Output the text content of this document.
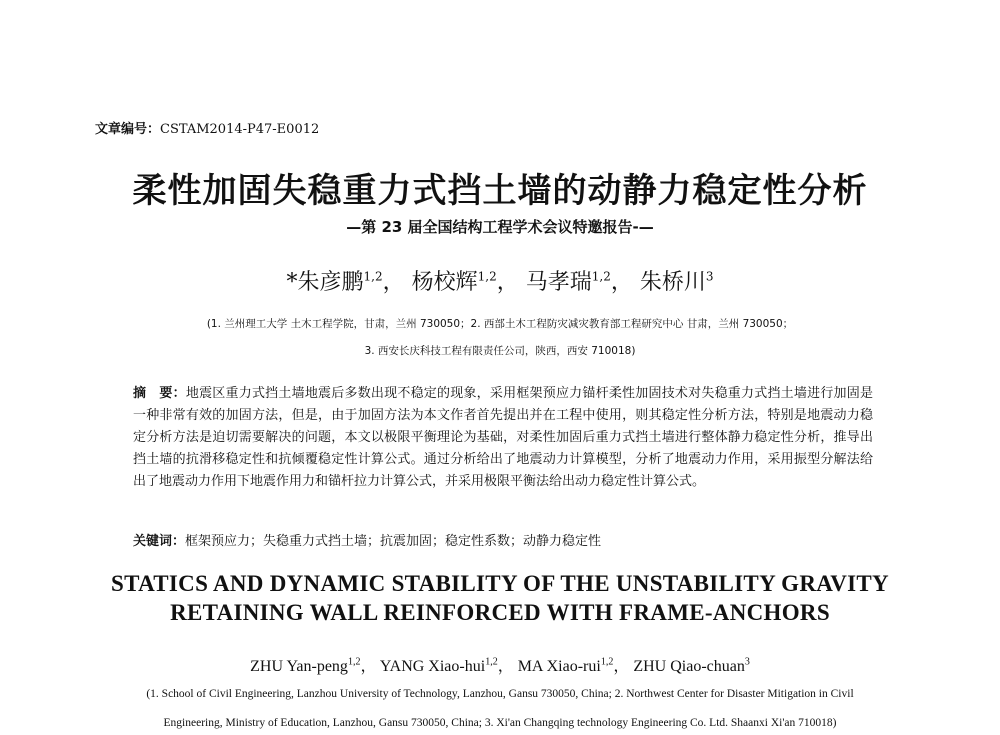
文章编号：CSTAM2014-P47-E0012
柔性加固失稳重力式挡土墙的动静力稳定性分析
—第 23 届全国结构工程学术会议特邀报告-—
*朱彦鹏$^{1,2}$， 杨校辉$^{1,2}$， 马孝瑞$^{1,2}$， 朱桥川$^3$
(1. 兰州理工大学 土木工程学院，甘肃，兰州 730050；2. 西部土木工程防灾减灾教育部工程研究中心 甘肃，兰州 730050；
3. 西安长庆科技工程有限责任公司，陕西，西安 710018)
摘　要：地震区重力式挡土墙地震后多数出现不稳定的现象，采用框架预应力锚杆柔性加固技术对失稳重力式挡土墙进行加固是一种非常有效的加固方法，但是，由于加固方法为本文作者首先提出并在工程中使用，则其稳定性分析方法，特别是地震动力稳定分析方法是迫切需要解决的问题，本文以极限平衡理论为基础，对柔性加固后重力式挡土墙进行整体静力稳定性分析，推导出挡土墙的抗滑移稳定性和抗倾覆稳定性计算公式。通过分析给出了地震动力计算模型，分析了地震动力作用，采用振型分解法给出了地震动力作用下地震作用力和锚杆拉力计算公式，并采用极限平衡法给出动力稳定性计算公式。
关键词：框架预应力；失稳重力式挡土墙；抗震加固；稳定性系数；动静力稳定性
STATICS AND DYNAMIC STABILITY OF THE UNSTABILITY GRAVITY
RETAINING WALL REINFORCED WITH FRAME-ANCHORS
ZHU Yan-peng$^{1,2}$， YANG Xiao-hui$^{1,2}$， MA Xiao-rui$^{1,2}$， ZHU Qiao-chuan$^3$
(1. School of Civil Engineering, Lanzhou University of Technology, Lanzhou, Gansu 730050, China; 2. Northwest Center for Disaster Mitigation in Civil
Engineering, Ministry of Education, Lanzhou, Gansu 730050, China; 3. Xi'an Changqing technology Engineering Co. Ltd. Shaanxi Xi'an 710018)
